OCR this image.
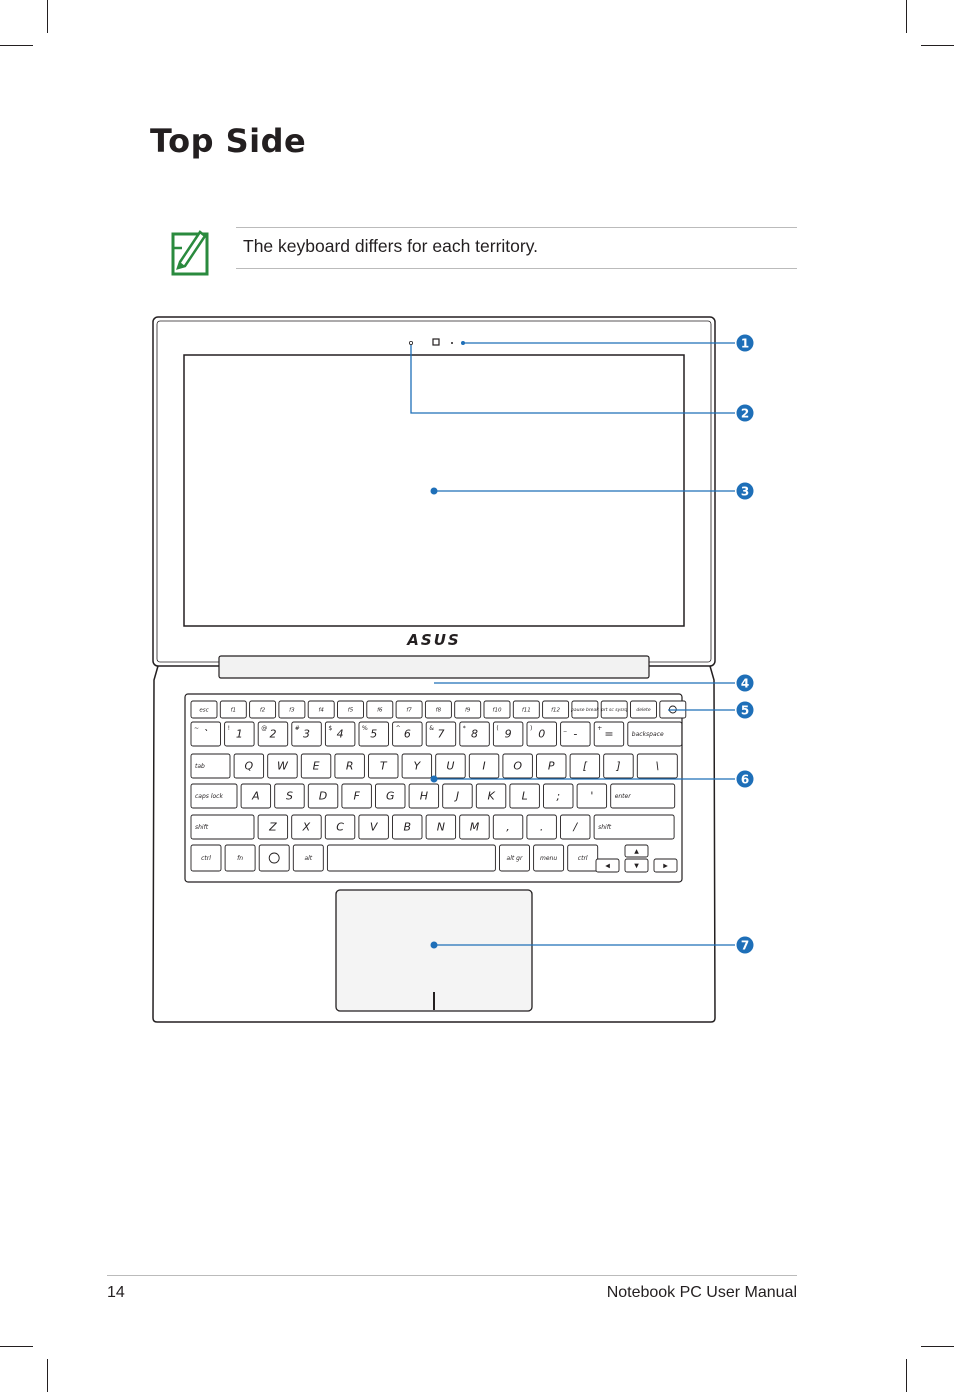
Top Side
The keyboard differs for each territory.
ASUS
esc	f1	f2	f3	f4	f5	f6	f7	f8	f9	f10	f11	f12 pause break prt sc sysrq delete
`
~	1
!	2
@	3
#	4
$	5
%	6
^	7
&	8
*	9
(	0
)	-
_	=
+
backspace
tab	Q W E R T Y U	I	O P	[	]	\
caps lock	A S D F G H	J	K L	;	'	enter
shift	Z X C V B N M ,	.	/	shift
ctrl	fn	alt	alt gr	menu	ctrl
▲
◀	▼	▶
1
2
3
4
5
6
7
14	Notebook PC User Manual
